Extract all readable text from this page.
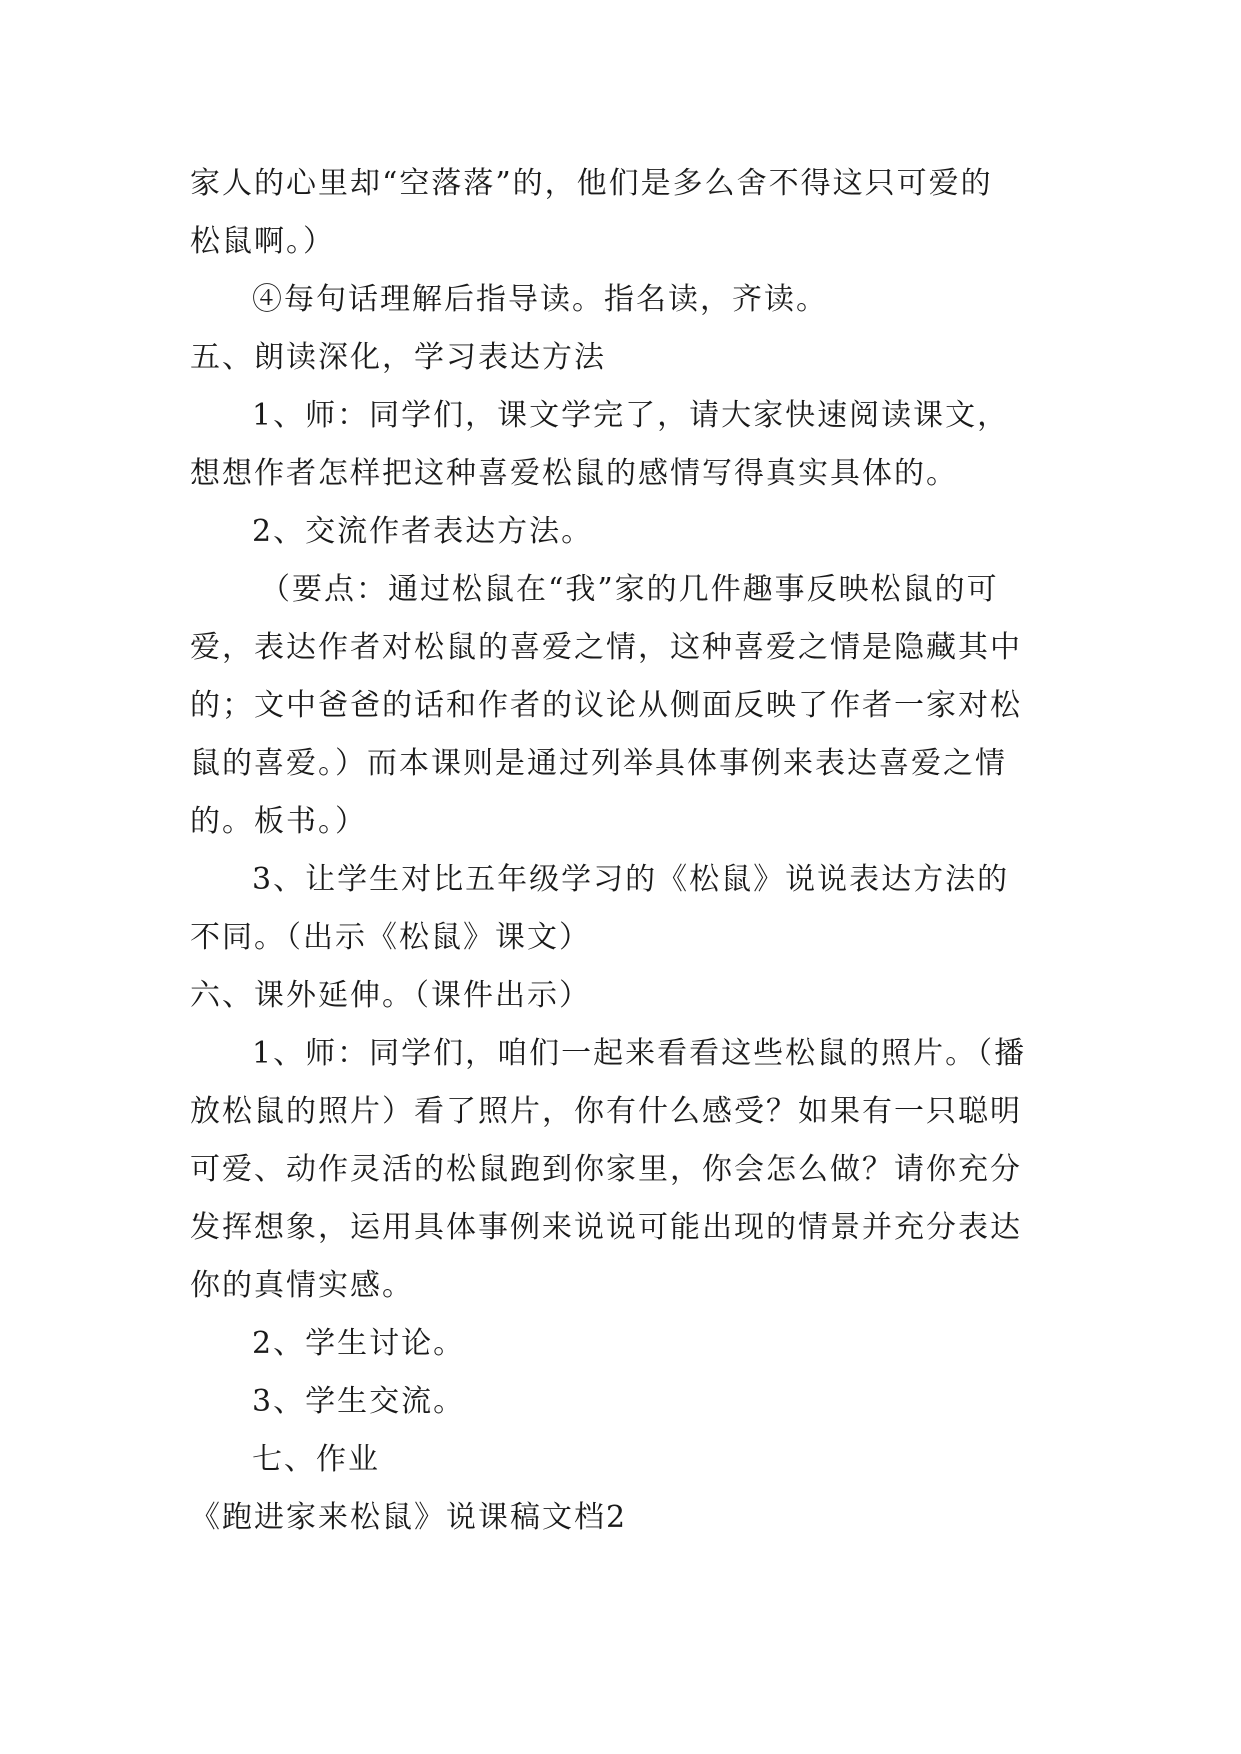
家人的心里却“空落落”的，他们是多么舍不得这只可爱的
松鼠啊。）
④每句话理解后指导读。指名读，齐读。
五、朗读深化，学习表达方法
1、师：同学们，课文学完了，请大家快速阅读课文，
想想作者怎样把这种喜爱松鼠的感情写得真实具体的。
2、交流作者表达方法。
（要点：通过松鼠在“我”家的几件趣事反映松鼠的可
爱，表达作者对松鼠的喜爱之情，这种喜爱之情是隐藏其中
的；文中爸爸的话和作者的议论从侧面反映了作者一家对松
鼠的喜爱。）而本课则是通过列举具体事例来表达喜爱之情
的。板书。）
3、让学生对比五年级学习的《松鼠》说说表达方法的
不同。（出示《松鼠》课文）
六、课外延伸。（课件出示）
1、师：同学们，咱们一起来看看这些松鼠的照片。（播
放松鼠的照片）看了照片，你有什么感受？如果有一只聪明
可爱、动作灵活的松鼠跑到你家里，你会怎么做？请你充分
发挥想象，运用具体事例来说说可能出现的情景并充分表达
你的真情实感。
2、学生讨论。
3、学生交流。
七、作业
《跑进家来松鼠》说课稿文档2
